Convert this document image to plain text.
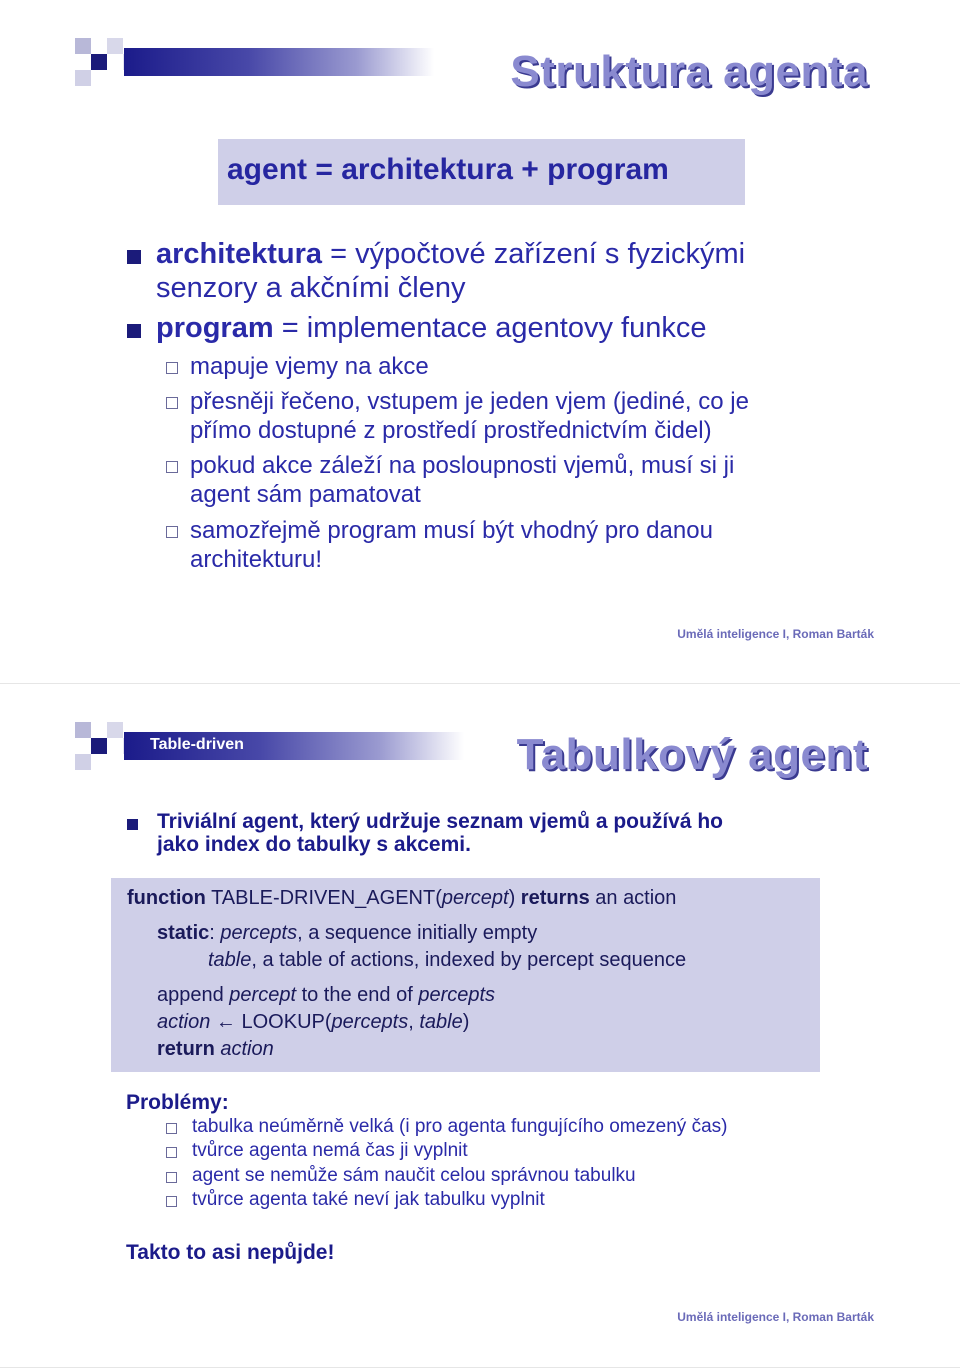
Struktura agenta
agent = architektura + program
architektura = výpočtové zařízení s fyzickými
senzory a akčními členy
program = implementace agentovy funkce
mapuje vjemy na akce
přesněji řečeno, vstupem je jeden vjem (jediné, co je
přímo dostupné z prostředí prostřednictvím čidel)
pokud akce záleží na posloupnosti vjemů, musí si ji
agent sám pamatovat
samozřejmě program musí být vhodný pro danou
architekturu!
Umělá inteligence I, Roman Barták
Table-driven	Tabulkový agent
Triviální agent, který udržuje seznam vjemů a používá ho
jako index do tabulky s akcemi.
function TABLE-DRIVEN_AGENT(percept) returns an action
static: percepts, a sequence initially empty
table, a table of actions, indexed by percept sequence
append percept to the end of percepts
action ← LOOKUP(percepts, table)
return action
Problémy:
tabulka neúměrně velká (i pro agenta fungujícího omezený čas)
tvůrce agenta nemá čas ji vyplnit
agent se nemůže sám naučit celou správnou tabulku
tvůrce agenta také neví jak tabulku vyplnit
Takto to asi nepůjde!
Umělá inteligence I, Roman Barták
